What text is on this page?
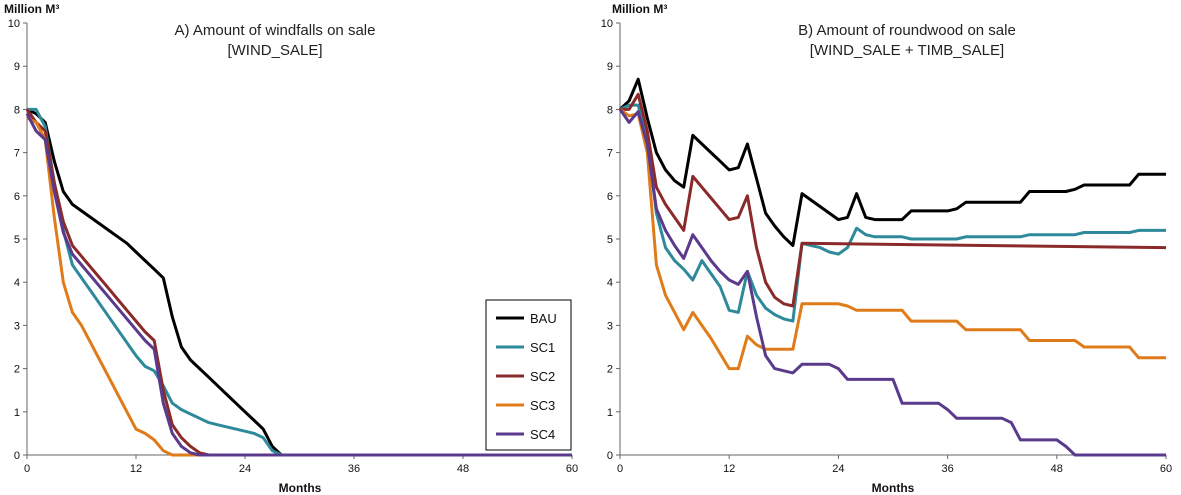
Million M³
A) Amount of windfalls on sale
[WIND_SALE]
Months
0
1
2
3
4
5
6
7
8
9
10
0	12	24	36	48	60
BAU
SC1
SC2
SC3
SC4
Million M³
B) Amount of roundwood on sale
[WIND_SALE + TIMB_SALE]
Months
0
1
2
3
4
5
6
7
8
9
10
0	12	24	36	48	60
